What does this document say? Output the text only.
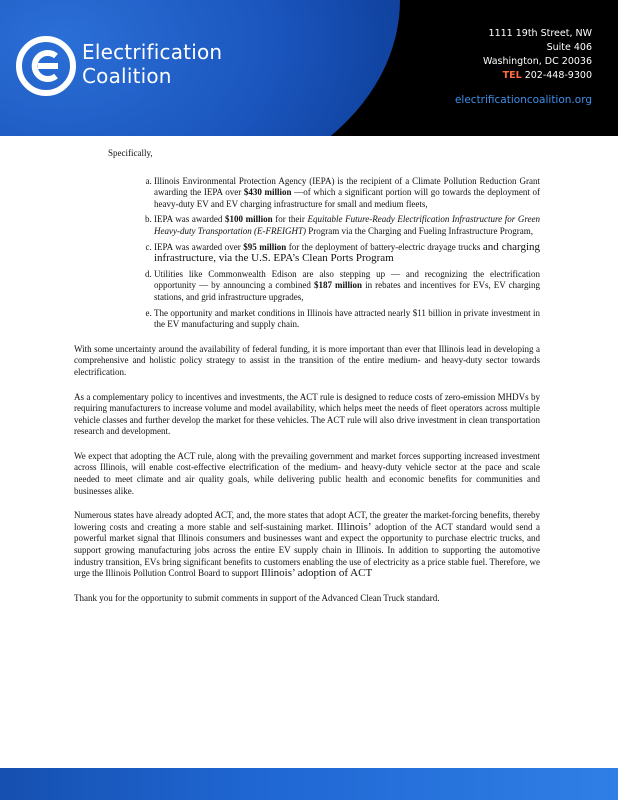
Electrification
Coalition
1111 19th Street, NW
Suite 406
Washington, DC 20036
TEL 202-448-9300
electrificationcoalition.org
Specifically,
a. Illinois Environmental Protection Agency (IEPA) is the recipient of a Climate Pollution Reduction Grant awarding the IEPA over $430 million —of which a significant portion will go towards the deployment of heavy-duty EV and EV charging infrastructure for small and medium fleets,
b. IEPA was awarded $100 million for their Equitable Future-Ready Electrification Infrastructure for Green Heavy-duty Transportation (E-FREIGHT) Program via the Charging and Fueling Infrastructure Program,
c. IEPA was awarded over $95 million for the deployment of battery-electric drayage trucks and charging infrastructure, via the U.S. EPA’s Clean Ports Program
d. Utilities like Commonwealth Edison are also stepping up — and recognizing the electrification opportunity — by announcing a combined $187 million in rebates and incentives for EVs, EV charging stations, and grid infrastructure upgrades,
e. The opportunity and market conditions in Illinois have attracted nearly $11 billion in private investment in the EV manufacturing and supply chain.

With some uncertainty around the availability of federal funding, it is more important than ever that Illinois lead in developing a comprehensive and holistic policy strategy to assist in the transition of the entire medium- and heavy-duty sector towards electrification.

As a complementary policy to incentives and investments, the ACT rule is designed to reduce costs of zero-emission MHDVs by requiring manufacturers to increase volume and model availability, which helps meet the needs of fleet operators across multiple vehicle classes and further develop the market for these vehicles. The ACT rule will also drive investment in clean transportation research and development.

We expect that adopting the ACT rule, along with the prevailing government and market forces supporting increased investment across Illinois, will enable cost-effective electrification of the medium- and heavy-duty vehicle sector at the pace and scale needed to meet climate and air quality goals, while delivering public health and economic benefits for communities and businesses alike.

Numerous states have already adopted ACT, and, the more states that adopt ACT, the greater the market-forcing benefits, thereby lowering costs and creating a more stable and self-sustaining market. Illinois’ adoption of the ACT standard would send a powerful market signal that Illinois consumers and businesses want and expect the opportunity to purchase electric trucks, and support growing manufacturing jobs across the entire EV supply chain in Illinois. In addition to supporting the automotive industry transition, EVs bring significant benefits to customers enabling the use of electricity as a price stable fuel. Therefore, we urge the Illinois Pollution Control Board to support Illinois’ adoption of ACT

Thank you for the opportunity to submit comments in support of the Advanced Clean Truck standard.
